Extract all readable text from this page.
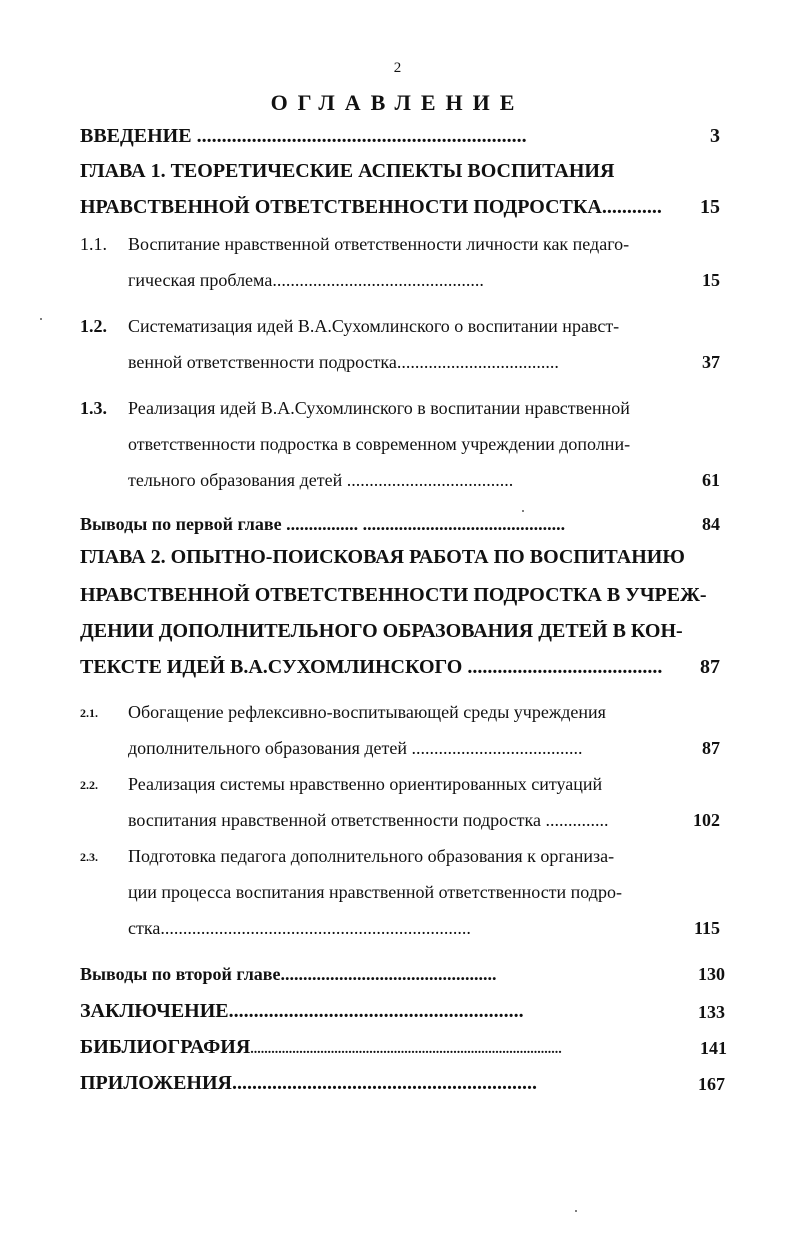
2
ОГЛАВЛЕНИЕ
ВВЕДЕНИЕ ..................................................................	3
ГЛАВА 1. ТЕОРЕТИЧЕСКИЕ АСПЕКТЫ ВОСПИТАНИЯ
НРАВСТВЕННОЙ ОТВЕТСТВЕННОСТИ ПОДРОСТКА............	15
1.1. Воспитание нравственной ответственности личности как педаго-
гическая проблема...............................................	15
1.2. Систематизация идей В.А.Сухомлинского о воспитании нравст-
венной ответственности подростка....................................	37
1.3. Реализация идей В.А.Сухомлинского в воспитании нравственной
ответственности подростка в современном учреждении дополни-
тельного образования детей .....................................	61
Выводы по первой главе ................ .............................................	84
ГЛАВА 2. ОПЫТНО-ПОИСКОВАЯ РАБОТА ПО ВОСПИТАНИЮ
НРАВСТВЕННОЙ ОТВЕТСТВЕННОСТИ ПОДРОСТКА В УЧРЕЖ-
ДЕНИИ ДОПОЛНИТЕЛЬНОГО ОБРАЗОВАНИЯ ДЕТЕЙ В КОН-
ТЕКСТЕ ИДЕЙ В.А.СУХОМЛИНСКОГО .......................................	87
2.1. Обогащение рефлексивно-воспитывающей среды учреждения
дополнительного образования детей ......................................	87
2.2. Реализация системы нравственно ориентированных ситуаций
воспитания нравственной ответственности подростка ..............	102
2.3. Подготовка педагога дополнительного образования к организа-
ции процесса воспитания нравственной ответственности подро-
стка.....................................................................	115
Выводы по второй главе................................................	130
ЗАКЛЮЧЕНИЕ...........................................................	133
БИБЛИОГРАФИЯ.........................................................................................	141
ПРИЛОЖЕНИЯ.............................................................	167
